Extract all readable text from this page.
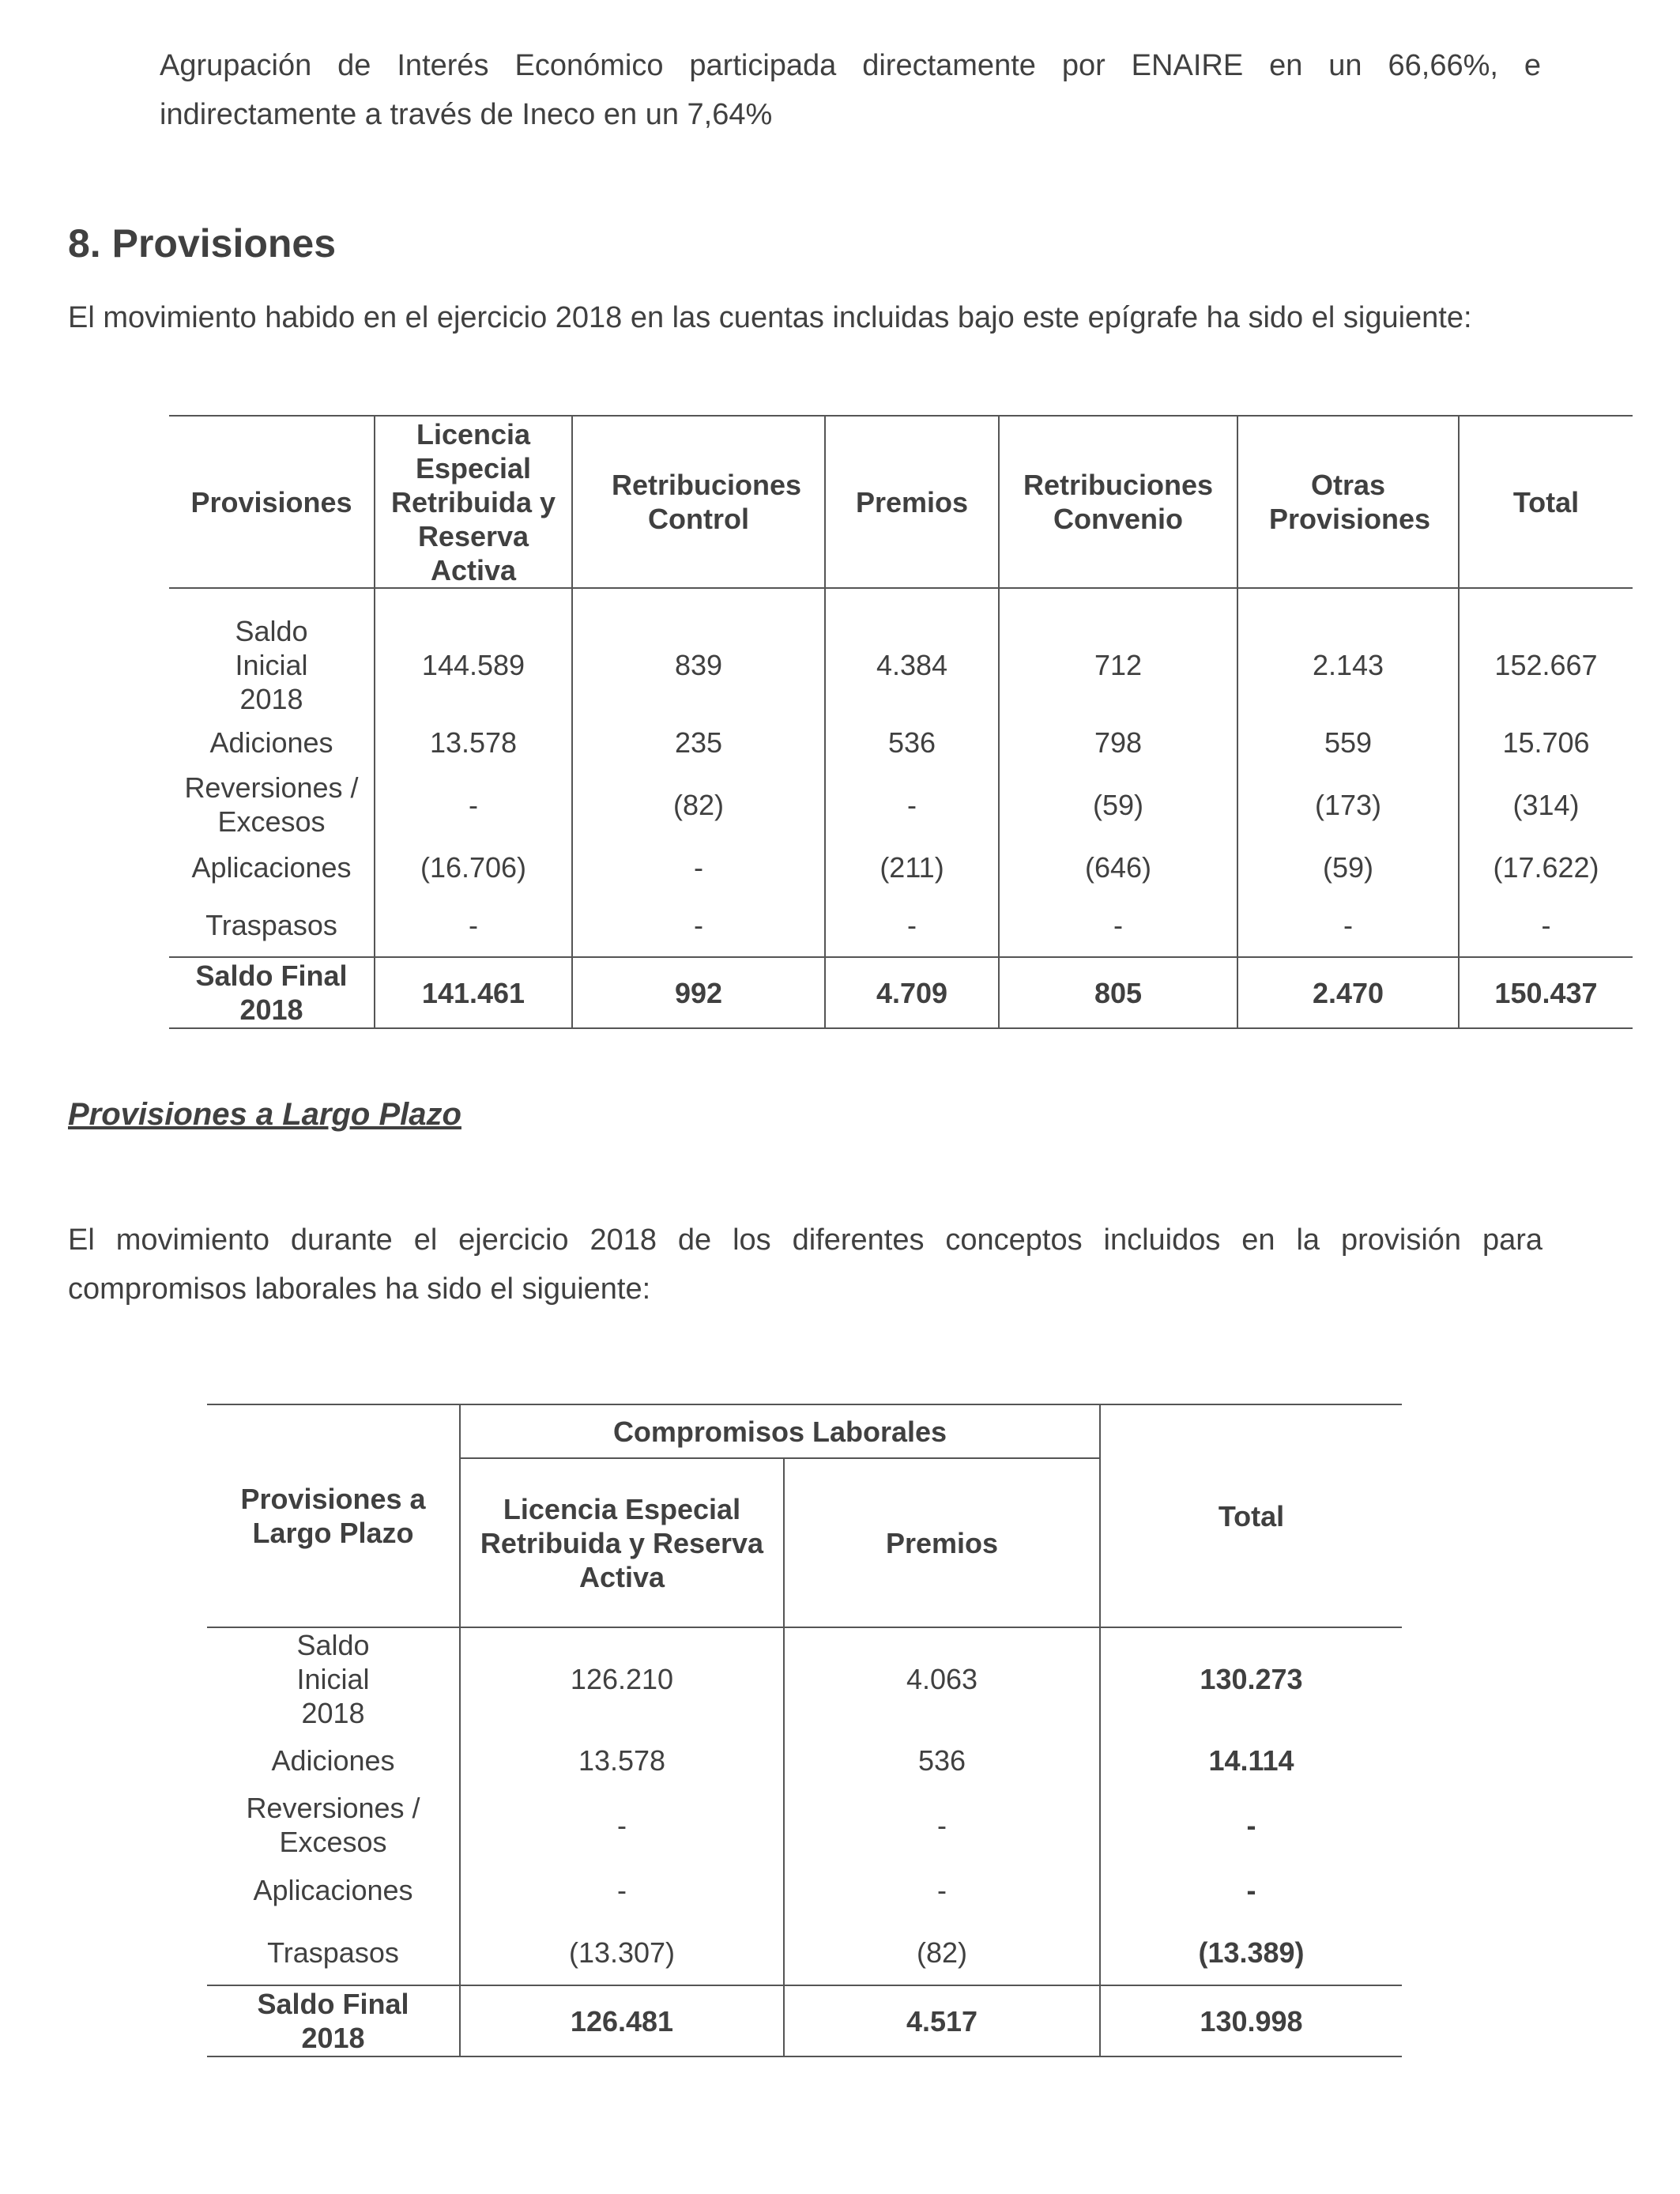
Agrupación de Interés Económico participada directamente por ENAIRE en un 66,66%, e indirectamente a través de Ineco en un 7,64%

8. Provisiones

El movimiento habido en el ejercicio 2018 en las cuentas incluidas bajo este epígrafe ha sido el siguiente:

Provisiones	Licencia Especial Retribuida y Reserva Activa	Retribuciones Control	Premios	Retribuciones Convenio	Otras Provisiones	Total

Saldo Inicial 2018	144.589	839	4.384	712	2.143	152.667
Adiciones	13.578	235	536	798	559	15.706

Reversiones / Excesos	-	(82)	-	(59)	(173)	(314)
Aplicaciones	(16.706)	-	(211)	(646)	(59)	(17.622)
Traspasos	-	-	-	-	-	-

Saldo Final 2018	141.461	992	4.709	805	2.470	150.437

Provisiones a Largo Plazo

El movimiento durante el ejercicio 2018 de los diferentes conceptos incluidos en la provisión para compromisos laborales ha sido el siguiente:

Provisiones a Largo Plazo	Compromisos Laborales		Total

	Licencia Especial Retribuida y Reserva Activa	Premios	

Saldo Inicial 2018	126.210	4.063	130.273
Adiciones	13.578	536	14.114

Reversiones / Excesos	-	-	-
Aplicaciones	-	-	-
Traspasos	(13.307)	(82)	(13.389)

Saldo Final 2018	126.481	4.517	130.998
